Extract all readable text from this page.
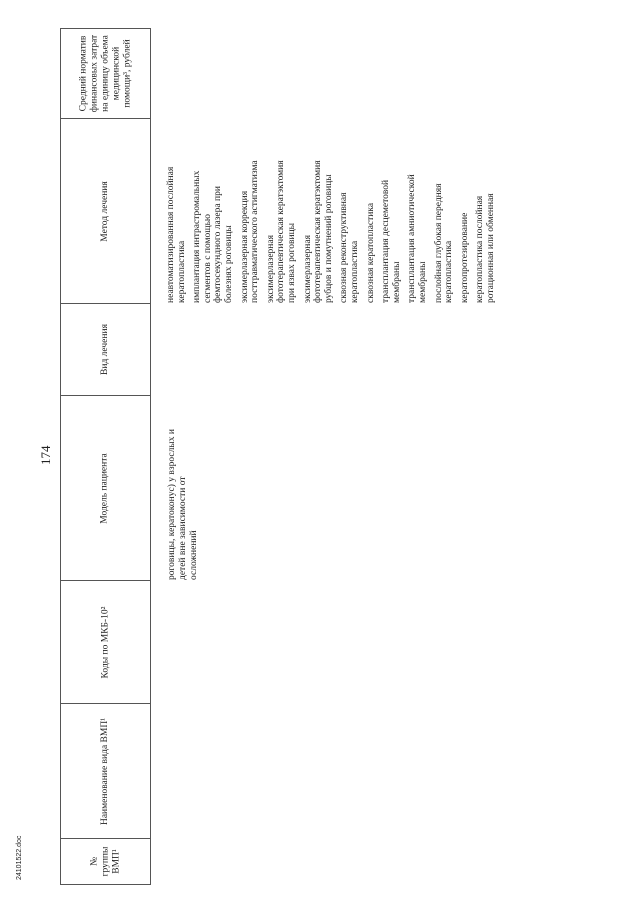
174
Средний норматив финансовых затрат на единицу объема медицинской помощи³, рублей
Метод лечения
Вид лечения
Модель пациента
Коды по МКБ-10²
Наименование вида ВМП¹
№ группы ВМП¹
роговицы, кератоконус) у взрослых и детей вне зависимости от осложнений
неавтоматизированная послойная кератопластика имплантация интрастромальных сегментов с помощью фемтосекундного лазера при болезнях роговицы эксимерлазерная коррекция посттравматического астигматизма эксимерлазерная фототерапевтическая кератэктомия при язвах роговицы эксимерлазерная фототерапевтическая кератэктомия рубцов и помутнений роговицы сквозная реконструктивная кератопластика сквозная кератопластика трансплантация десцеметовой мембраны трансплантация амниотической мембраны послойная глубокая передняя кератопластика кератопротезирование кератопластика послойная ротационная или обменная
24101522.doc
